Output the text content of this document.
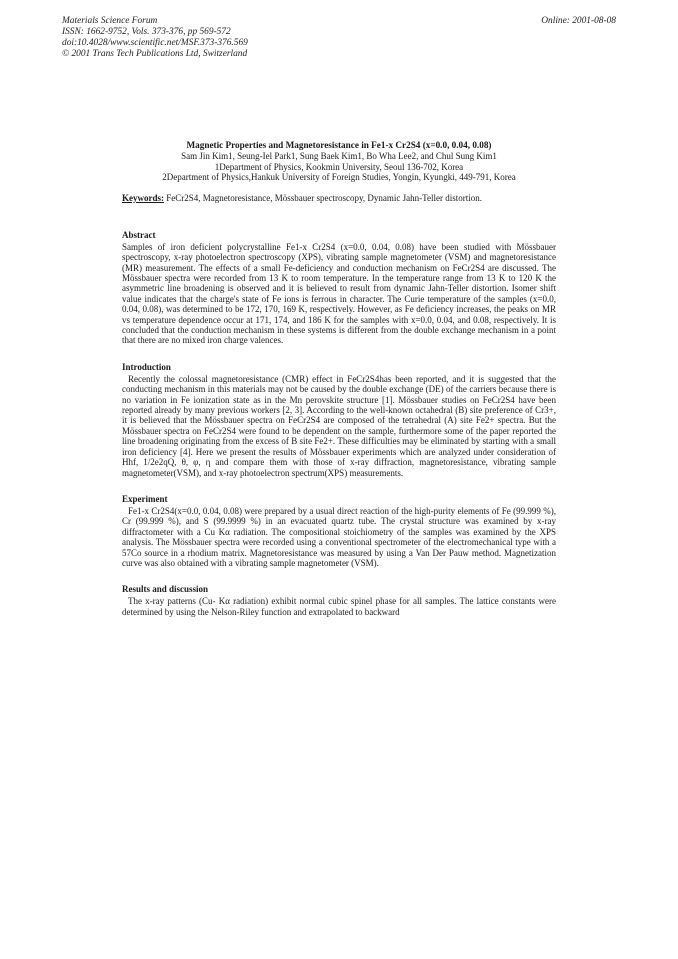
Materials Science Forum
ISSN: 1662-9752, Vols. 373-376, pp 569-572
doi:10.4028/www.scientific.net/MSF.373-376.569
© 2001 Trans Tech Publications Ltd, Switzerland
Online: 2001-08-08
Magnetic Properties and Magnetoresistance in Fe1-x Cr2S4 (x=0.0, 0.04, 0.08)
Sam Jin Kim1, Seung-Iel Park1, Sung Baek Kim1, Bo Wha Lee2, and Chul Sung Kim1
1Department of Physics, Kookmin University, Seoul 136-702, Korea
2Department of Physics,Hankuk University of Foreign Studies, Yongin, Kyungki, 449-791, Korea
Keywords: FeCr2S4, Magnetoresistance, Mössbauer spectroscopy, Dynamic Jahn-Teller distortion.
Abstract

Samples of iron deficient polycrystalline Fe1-x Cr2S4 (x=0.0, 0.04, 0.08) have been studied with Mössbauer spectroscopy, x-ray photoelectron spectroscopy (XPS), vibrating sample magnetometer (VSM) and magnetoresistance (MR) measurement. The effects of a small Fe-deficiency and conduction mechanism on FeCr2S4 are discussed. The Mössbauer spectra were recorded from 13 K to room temperature. In the temperature range from 13 K to 120 K the asymmetric line broadening is observed and it is believed to result from dynamic Jahn-Teller distortion. Isomer shift value indicates that the charge's state of Fe ions is ferrous in character. The Curie temperature of the samples (x=0.0, 0.04, 0.08), was determined to be 172, 170, 169 K, respectively. However, as Fe deficiency increases, the peaks on MR vs temperature dependence occur at 171, 174, and 186 K for the samples with x=0.0, 0.04, and 0.08, respectively. It is concluded that the conduction mechanism in these systems is different from the double exchange mechanism in a point that there are no mixed iron charge valences.

Introduction

Recently the colossal magnetoresistance (CMR) effect in FeCr2S4has been reported, and it is suggested that the conducting mechanism in this materials may not be caused by the double exchange (DE) of the carriers because there is no variation in Fe ionization state as in the Mn perovskite structure [1]. Mössbauer studies on FeCr2S4 have been reported already by many previous workers [2, 3]. According to the well-known octahedral (B) site preference of Cr3+, it is believed that the Mössbauer spectra on FeCr2S4 are composed of the tetrahedral (A) site Fe2+ spectra. But the Mössbauer spectra on FeCr2S4 were found to be dependent on the sample, furthermore some of the paper reported the line broadening originating from the excess of B site Fe2+. These difficulties may be eliminated by starting with a small iron deficiency [4]. Here we present the results of Mössbauer experiments which are analyzed under consideration of Hhf, 1/2e2qQ, θ, φ, η and compare them with those of x-ray diffraction, magnetoresistance, vibrating sample magnetometer(VSM), and x-ray photoelectron spectrum(XPS) measurements.

Experiment

Fe1-x Cr2S4(x=0.0, 0.04, 0.08) were prepared by a usual direct reaction of the high-purity elements of Fe (99.999 %), Cr (99.999 %), and S (99.9999 %) in an evacuated quartz tube. The crystal structure was examined by x-ray diffractometer with a Cu Kα radiation. The compositional stoichiometry of the samples was examined by the XPS analysis. The Mössbauer spectra were recorded using a conventional spectrometer of the electromechanical type with a 57Co source in a rhodium matrix. Magnetoresistance was measured by using a Van Der Pauw method. Magnetization curve was also obtained with a vibrating sample magnetometer (VSM).

Results and discussion

The x-ray patterns (Cu- Kα radiation) exhibit normal cubic spinel phase for all samples. The lattice constants were determined by using the Nelson-Riley function and extrapolated to backward
